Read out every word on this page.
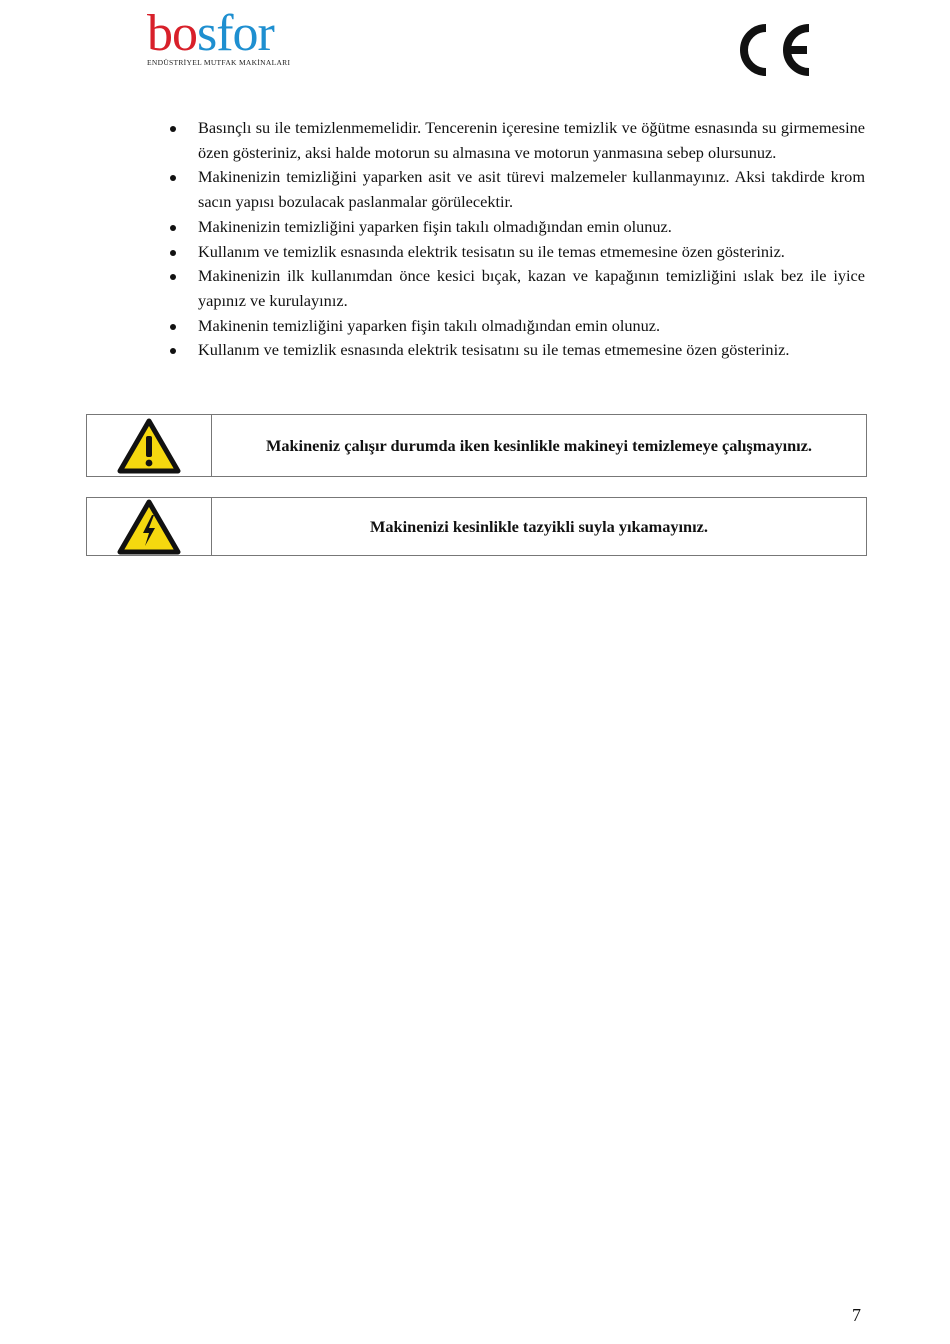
bosfor
ENDÜSTRİYEL MUTFAK MAKİNALARI
Basınçlı su ile temizlenmemelidir. Tencerenin içeresine temizlik ve öğütme esnasında su girmemesine özen gösteriniz, aksi halde motorun su almasına ve motorun yanmasına sebep olursunuz.
Makinenizin temizliğini yaparken asit ve asit türevi malzemeler kullanmayınız. Aksi takdirde krom sacın yapısı bozulacak paslanmalar görülecektir.
Makinenizin temizliğini yaparken fişin takılı olmadığından emin olunuz.
Kullanım ve temizlik esnasında elektrik tesisatın su ile temas etmemesine özen gösteriniz.
Makinenizin ilk kullanımdan önce kesici bıçak, kazan ve kapağının temizliğini ıslak bez ile iyice yapınız ve kurulayınız.
Makinenin temizliğini yaparken fişin takılı olmadığından emin olunuz.
Kullanım ve temizlik esnasında elektrik tesisatını su ile temas etmemesine özen gösteriniz.
Makineniz çalışır durumda iken kesinlikle makineyi temizlemeye çalışmayınız.
Makinenizi kesinlikle tazyikli suyla yıkamayınız.
7
